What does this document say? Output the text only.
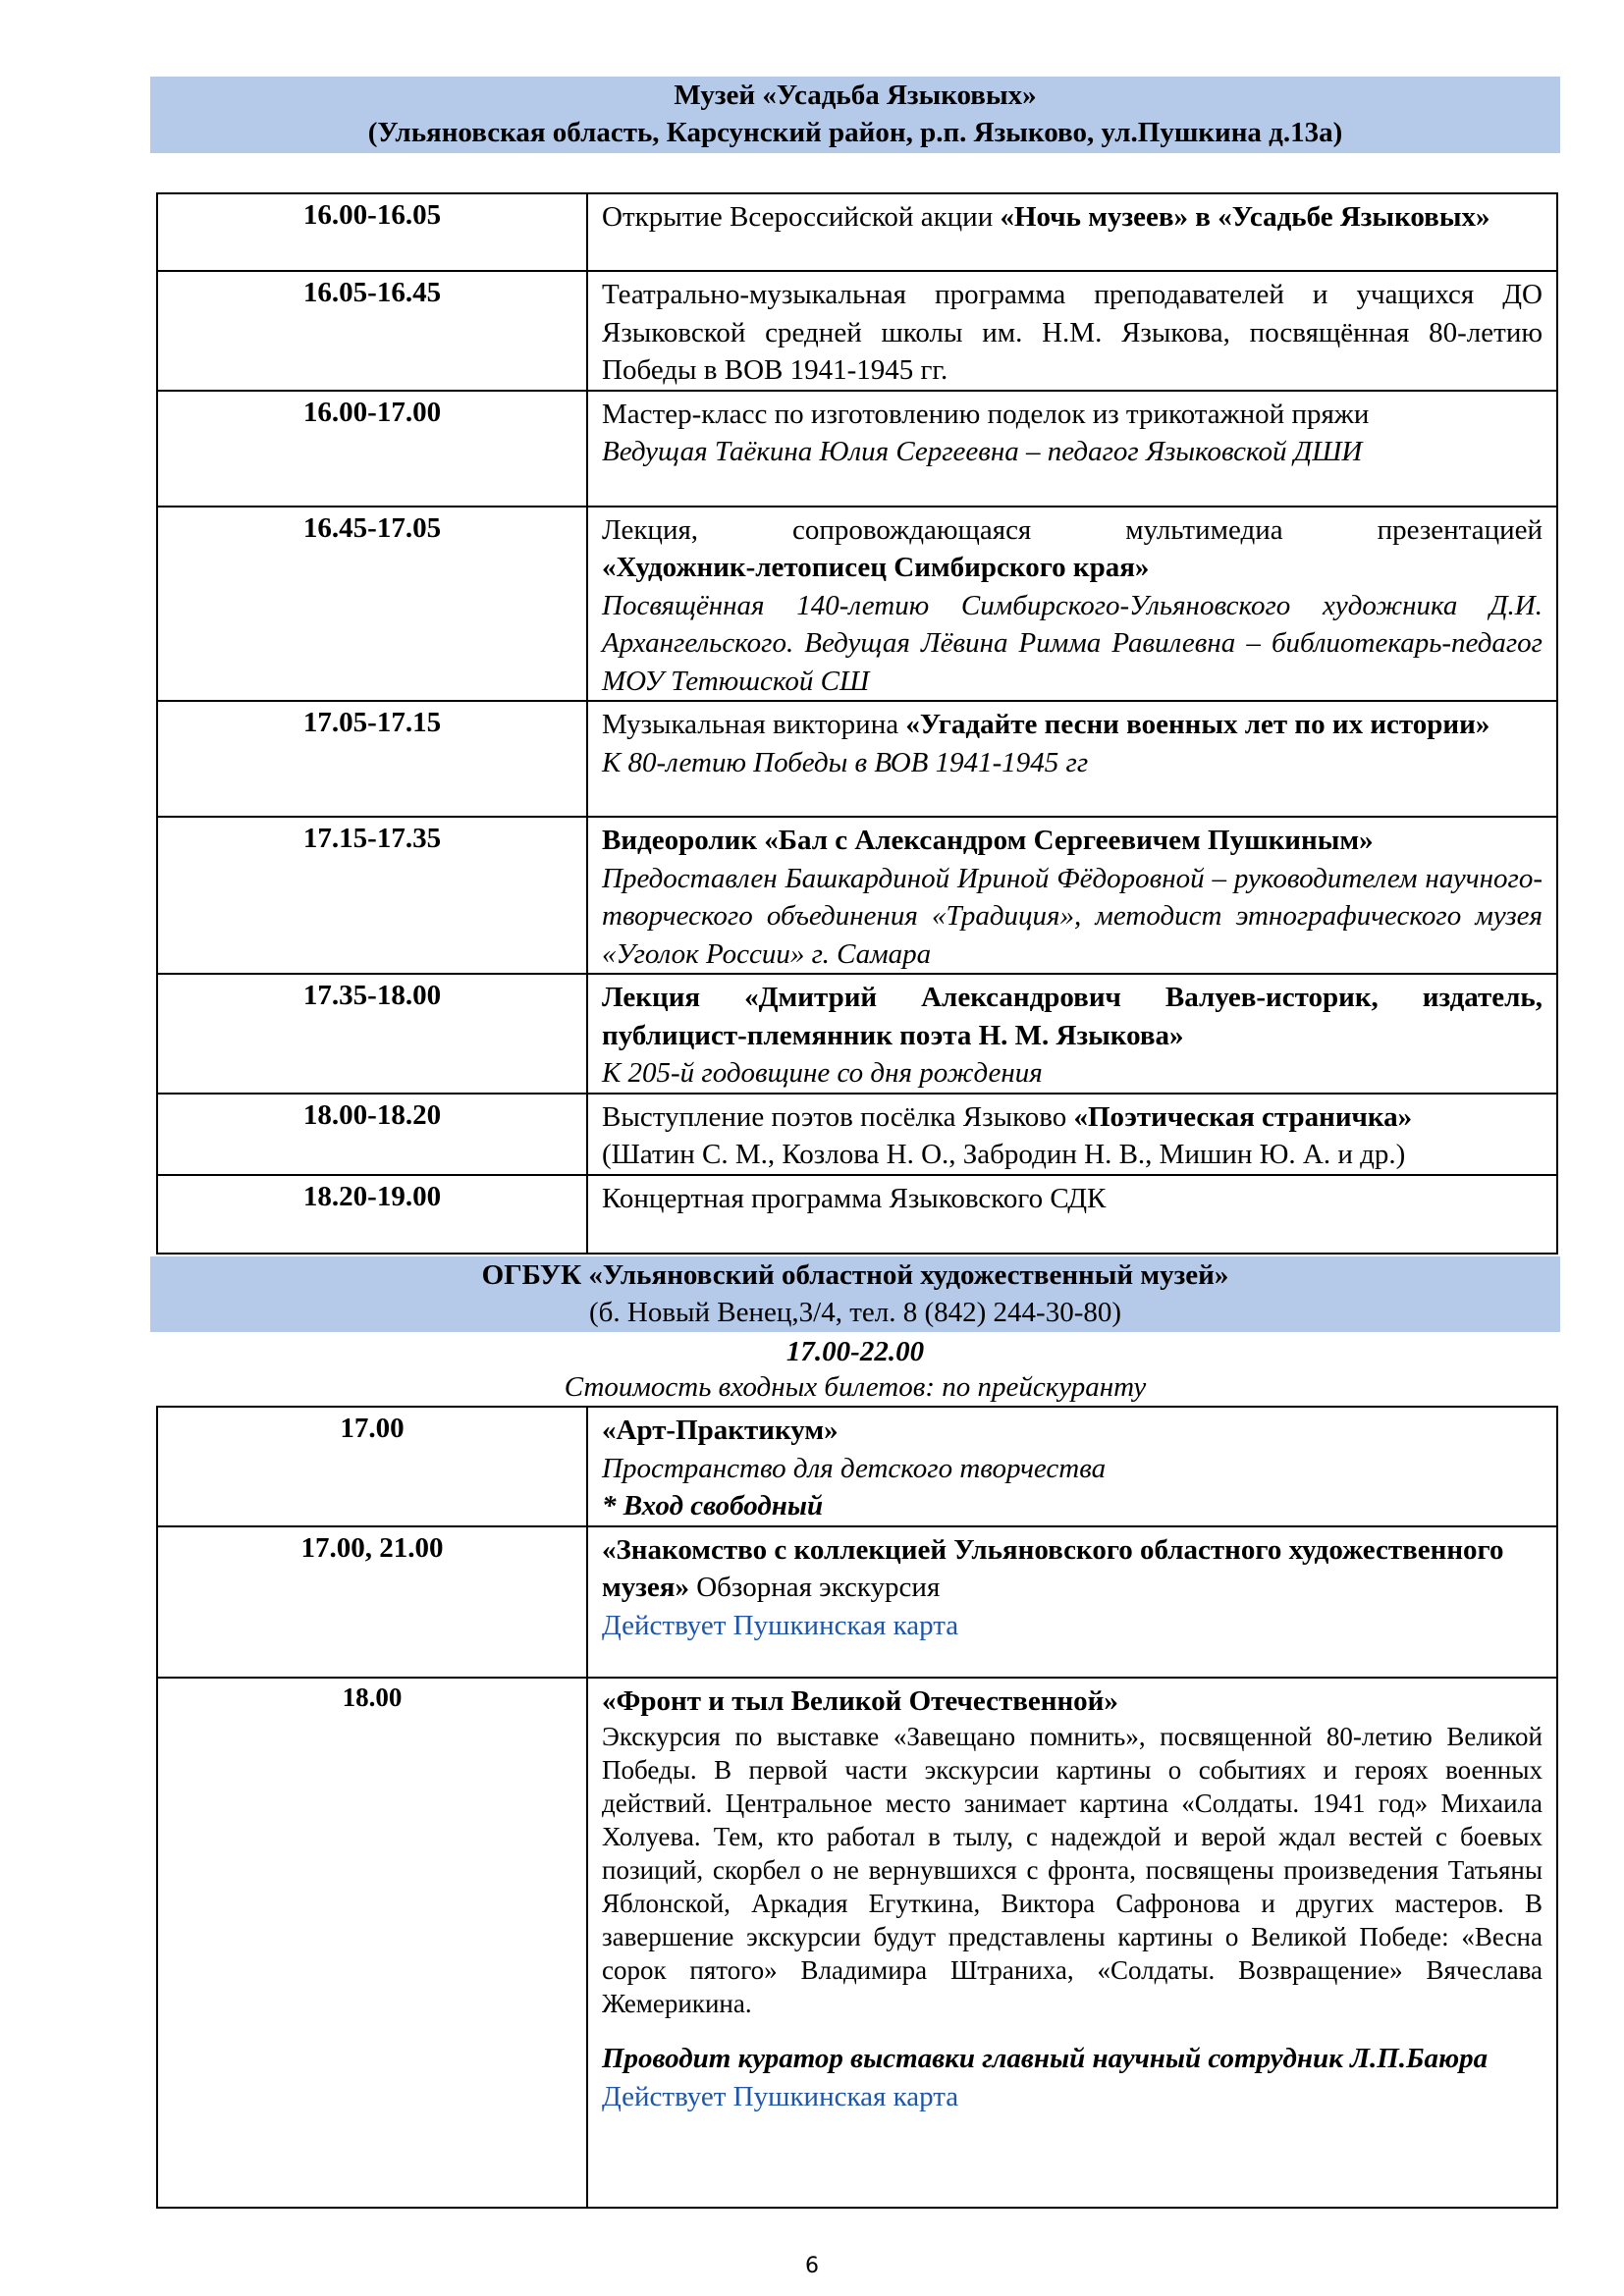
Музей «Усадьба Языковых»
(Ульяновская область, Карсунский район, р.п. Языково, ул.Пушкина д.13а)
16.00-16.05	Открытие Всероссийской акции «Ночь музеев» в «Усадьбе Языковых»
16.05-16.45	Театрально-музыкальная программа преподавателей и учащихся ДО Языковской средней школы им. Н.М. Языкова, посвящённая 80-летию Победы в ВОВ 1941-1945 гг.
16.00-17.00	Мастер-класс по изготовлению поделок из трикотажной пряжи
Ведущая Таёкина Юлия Сергеевна – педагог Языковской ДШИ

16.45-17.05	Лекция, сопровождающаяся мультимедиа презентацией
«Художник-летописец Симбирского края»
Посвящённая 140-летию Симбирского-Ульяновского художника Д.И. Архангельского. Ведущая Лёвина Римма Равилевна – библиотекарь-педагог МОУ Тетюшской СШ

17.05-17.15	Музыкальная викторина «Угадайте песни военных лет по их истории»
К 80-летию Победы в ВОВ 1941-1945 гг

17.15-17.35	Видеоролик «Бал с Александром Сергеевичем Пушкиным»
Предоставлен Башкардиной Ириной Фёдоровной – руководителем научного-творческого объединения «Традиция», методист этнографического музея «Уголок России» г. Самара

17.35-18.00	Лекция «Дмитрий Александрович Валуев-историк, издатель, публицист-племянник поэта Н. М. Языкова»
К 205-й годовщине со дня рождения

18.00-18.20	Выступление поэтов посёлка Языково «Поэтическая страничка»
(Шатин С. М., Козлова Н. О., Забродин Н. В., Мишин Ю. А. и др.)

18.20-19.00	Концертная программа Языковского СДК
ОГБУК «Ульяновский областной художественный музей»
(б. Новый Венец,3/4, тел. 8 (842) 244-30-80)
17.00-22.00
Стоимость входных билетов: по прейскуранту
17.00	«Арт-Практикум»
Пространство для детского творчества
* Вход свободный

17.00, 21.00	«Знакомство с коллекцией Ульяновского областного художественного музея» Обзорная экскурсия
Действует Пушкинская карта

18.00	«Фронт и тыл Великой Отечественной»
Экскурсия по выставке «Завещано помнить», посвященной 80-летию Великой Победы. В первой части экскурсии картины о событиях и героях военных действий. Центральное место занимает картина «Солдаты. 1941 год» Михаила Холуева. Тем, кто работал в тылу, с надеждой и верой ждал вестей с боевых позиций, скорбел о не вернувшихся с фронта, посвящены произведения Татьяны Яблонской, Аркадия Егуткина, Виктора Сафронова и других мастеров. В завершение экскурсии будут представлены картины о Великой Победе: «Весна сорок пятого» Владимира Штраниха, «Солдаты. Возвращение» Вячеслава Жемерикина.
Проводит куратор выставки главный научный сотрудник Л.П.Баюра
Действует Пушкинская карта
6
